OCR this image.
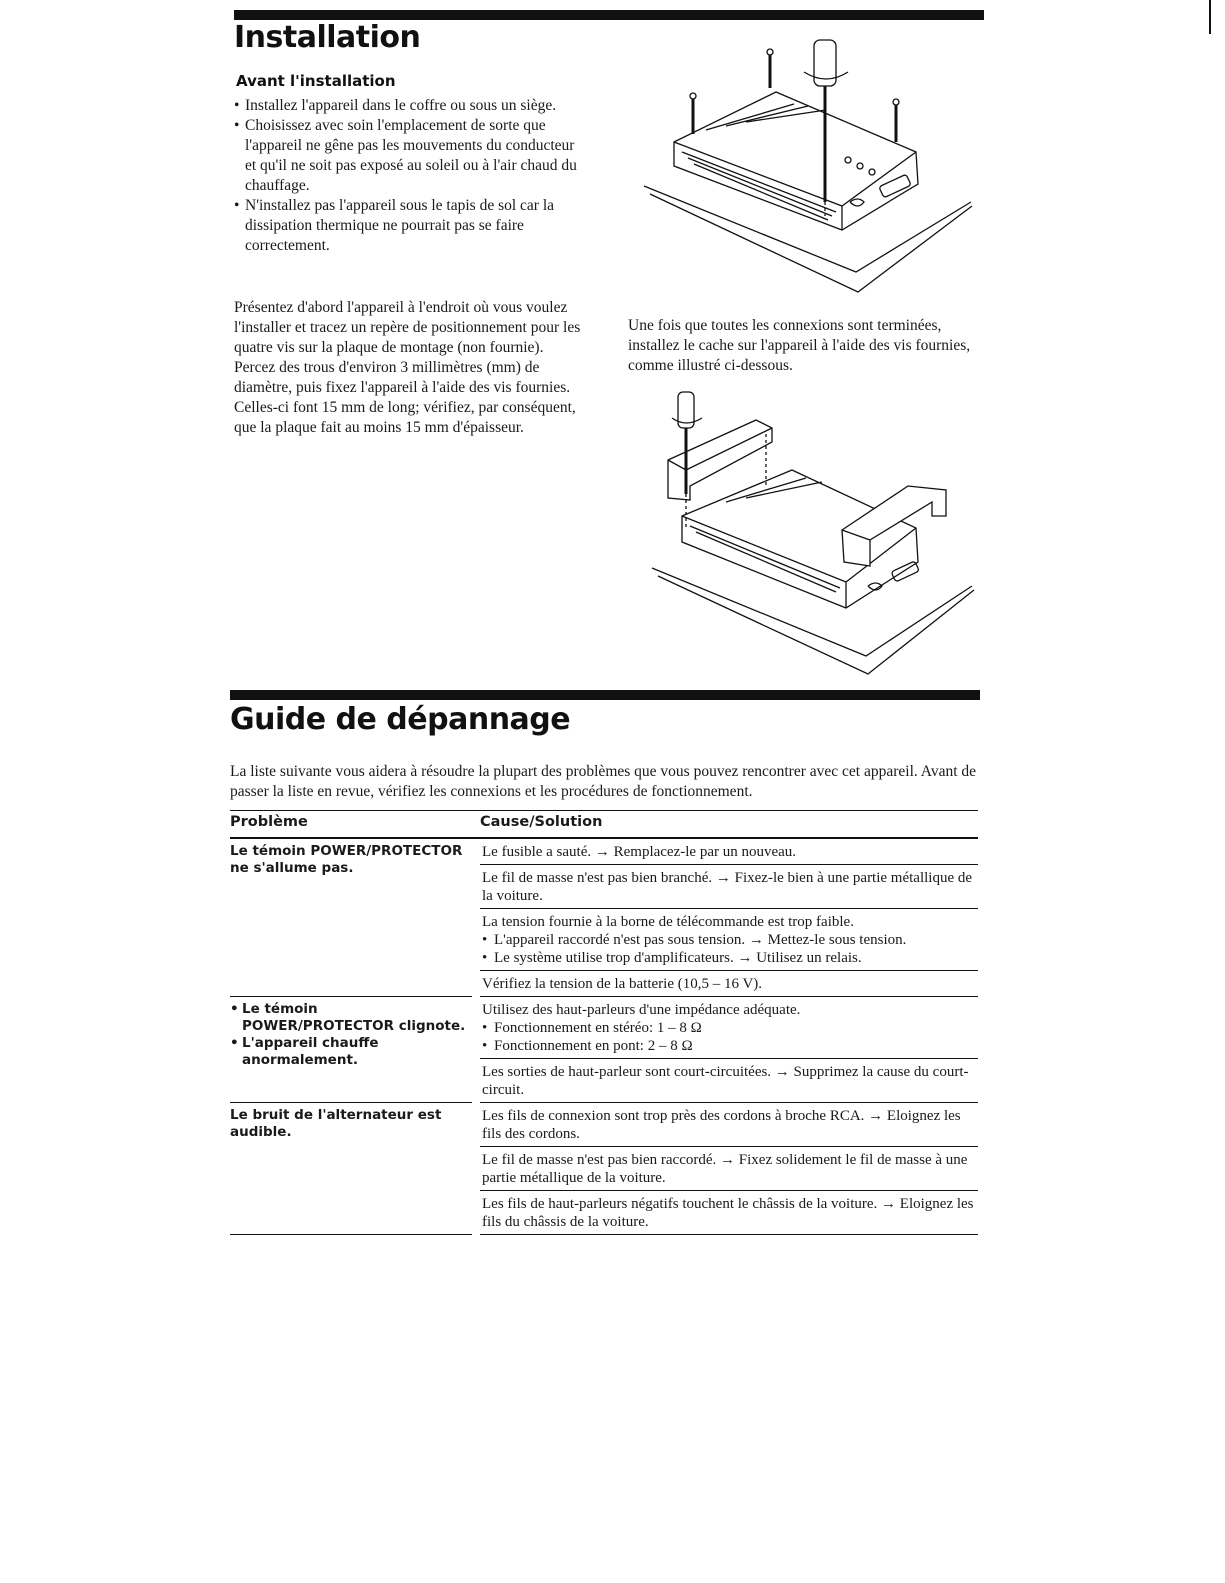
Installation
Avant l'installation
• Installez l'appareil dans le coffre ou sous un siège.
• Choisissez avec soin l'emplacement de sorte que l'appareil ne gêne pas les mouvements du conducteur et qu'il ne soit pas exposé au soleil ou à l'air chaud du chauffage.
• N'installez pas l'appareil sous le tapis de sol car la dissipation thermique ne pourrait pas se faire correctement.

Présentez d'abord l'appareil à l'endroit où vous voulez l'installer et tracez un repère de positionnement pour les quatre vis sur la plaque de montage (non fournie). Percez des trous d'environ 3 millimètres (mm) de diamètre, puis fixez l'appareil à l'aide des vis fournies. Celles-ci font 15 mm de long; vérifiez, par conséquent, que la plaque fait au moins 15 mm d'épaisseur.

Une fois que toutes les connexions sont terminées, installez le cache sur l'appareil à l'aide des vis fournies, comme illustré ci-dessous.

Guide de dépannage

La liste suivante vous aidera à résoudre la plupart des problèmes que vous pouvez rencontrer avec cet appareil. Avant de passer la liste en revue, vérifiez les connexions et les procédures de fonctionnement.

Problème	Cause/Solution
Le témoin POWER/PROTECTOR ne s'allume pas.
Le fusible a sauté. → Remplacez-le par un nouveau.
Le fil de masse n'est pas bien branché. → Fixez-le bien à une partie métallique de la voiture.
La tension fournie à la borne de télécommande est trop faible.
• L'appareil raccordé n'est pas sous tension. → Mettez-le sous tension.
• Le système utilise trop d'amplificateurs. → Utilisez un relais.
Vérifiez la tension de la batterie (10,5 – 16 V).
• Le témoin POWER/PROTECTOR clignote.
• L'appareil chauffe anormalement.
Utilisez des haut-parleurs d'une impédance adéquate.
• Fonctionnement en stéréo: 1 – 8 Ω
• Fonctionnement en pont: 2 – 8 Ω
Les sorties de haut-parleur sont court-circuitées. → Supprimez la cause du court-circuit.
Le bruit de l'alternateur est audible.
Les fils de connexion sont trop près des cordons à broche RCA. → Eloignez les fils des cordons.
Le fil de masse n'est pas bien raccordé. → Fixez solidement le fil de masse à une partie métallique de la voiture.
Les fils de haut-parleurs négatifs touchent le châssis de la voiture. → Eloignez les fils du châssis de la voiture.
